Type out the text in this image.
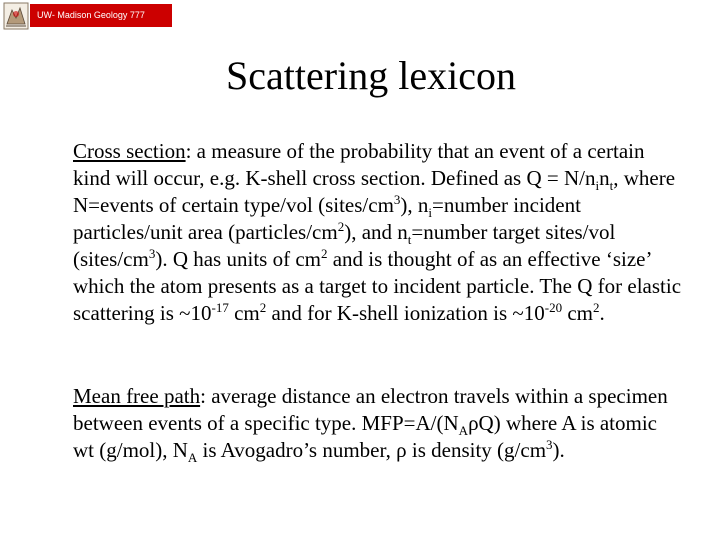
UW- Madison Geology 777
Scattering lexicon
Cross section: a measure of the probability that an event of a certain kind will occur, e.g. K-shell cross section. Defined as $Q = N/n_in_t$, where N=events of certain type/vol $(sites/cm^3)$, $n_i=number$ incident particles/unit area $(particles/cm^2)$, and $n_t=number$ target sites/vol $(sites/cm^3)$. Q has units of $cm^2$ and is thought of as an effective ‘size’ which the atom presents as a target to incident particle. The Q for elastic scattering is $\sim 10^{-17}$ $cm^2$ and for K-shell ionization is $\sim 10^{-20}$ $cm^2$.
Mean free path: average distance an electron travels within a specimen between events of a specific type. $MFP=A/(N_A\rho Q)$ where A is atomic wt (g/mol), $N_A$ is Avogadro’s number, ρ is density $(g/cm^3)$.
